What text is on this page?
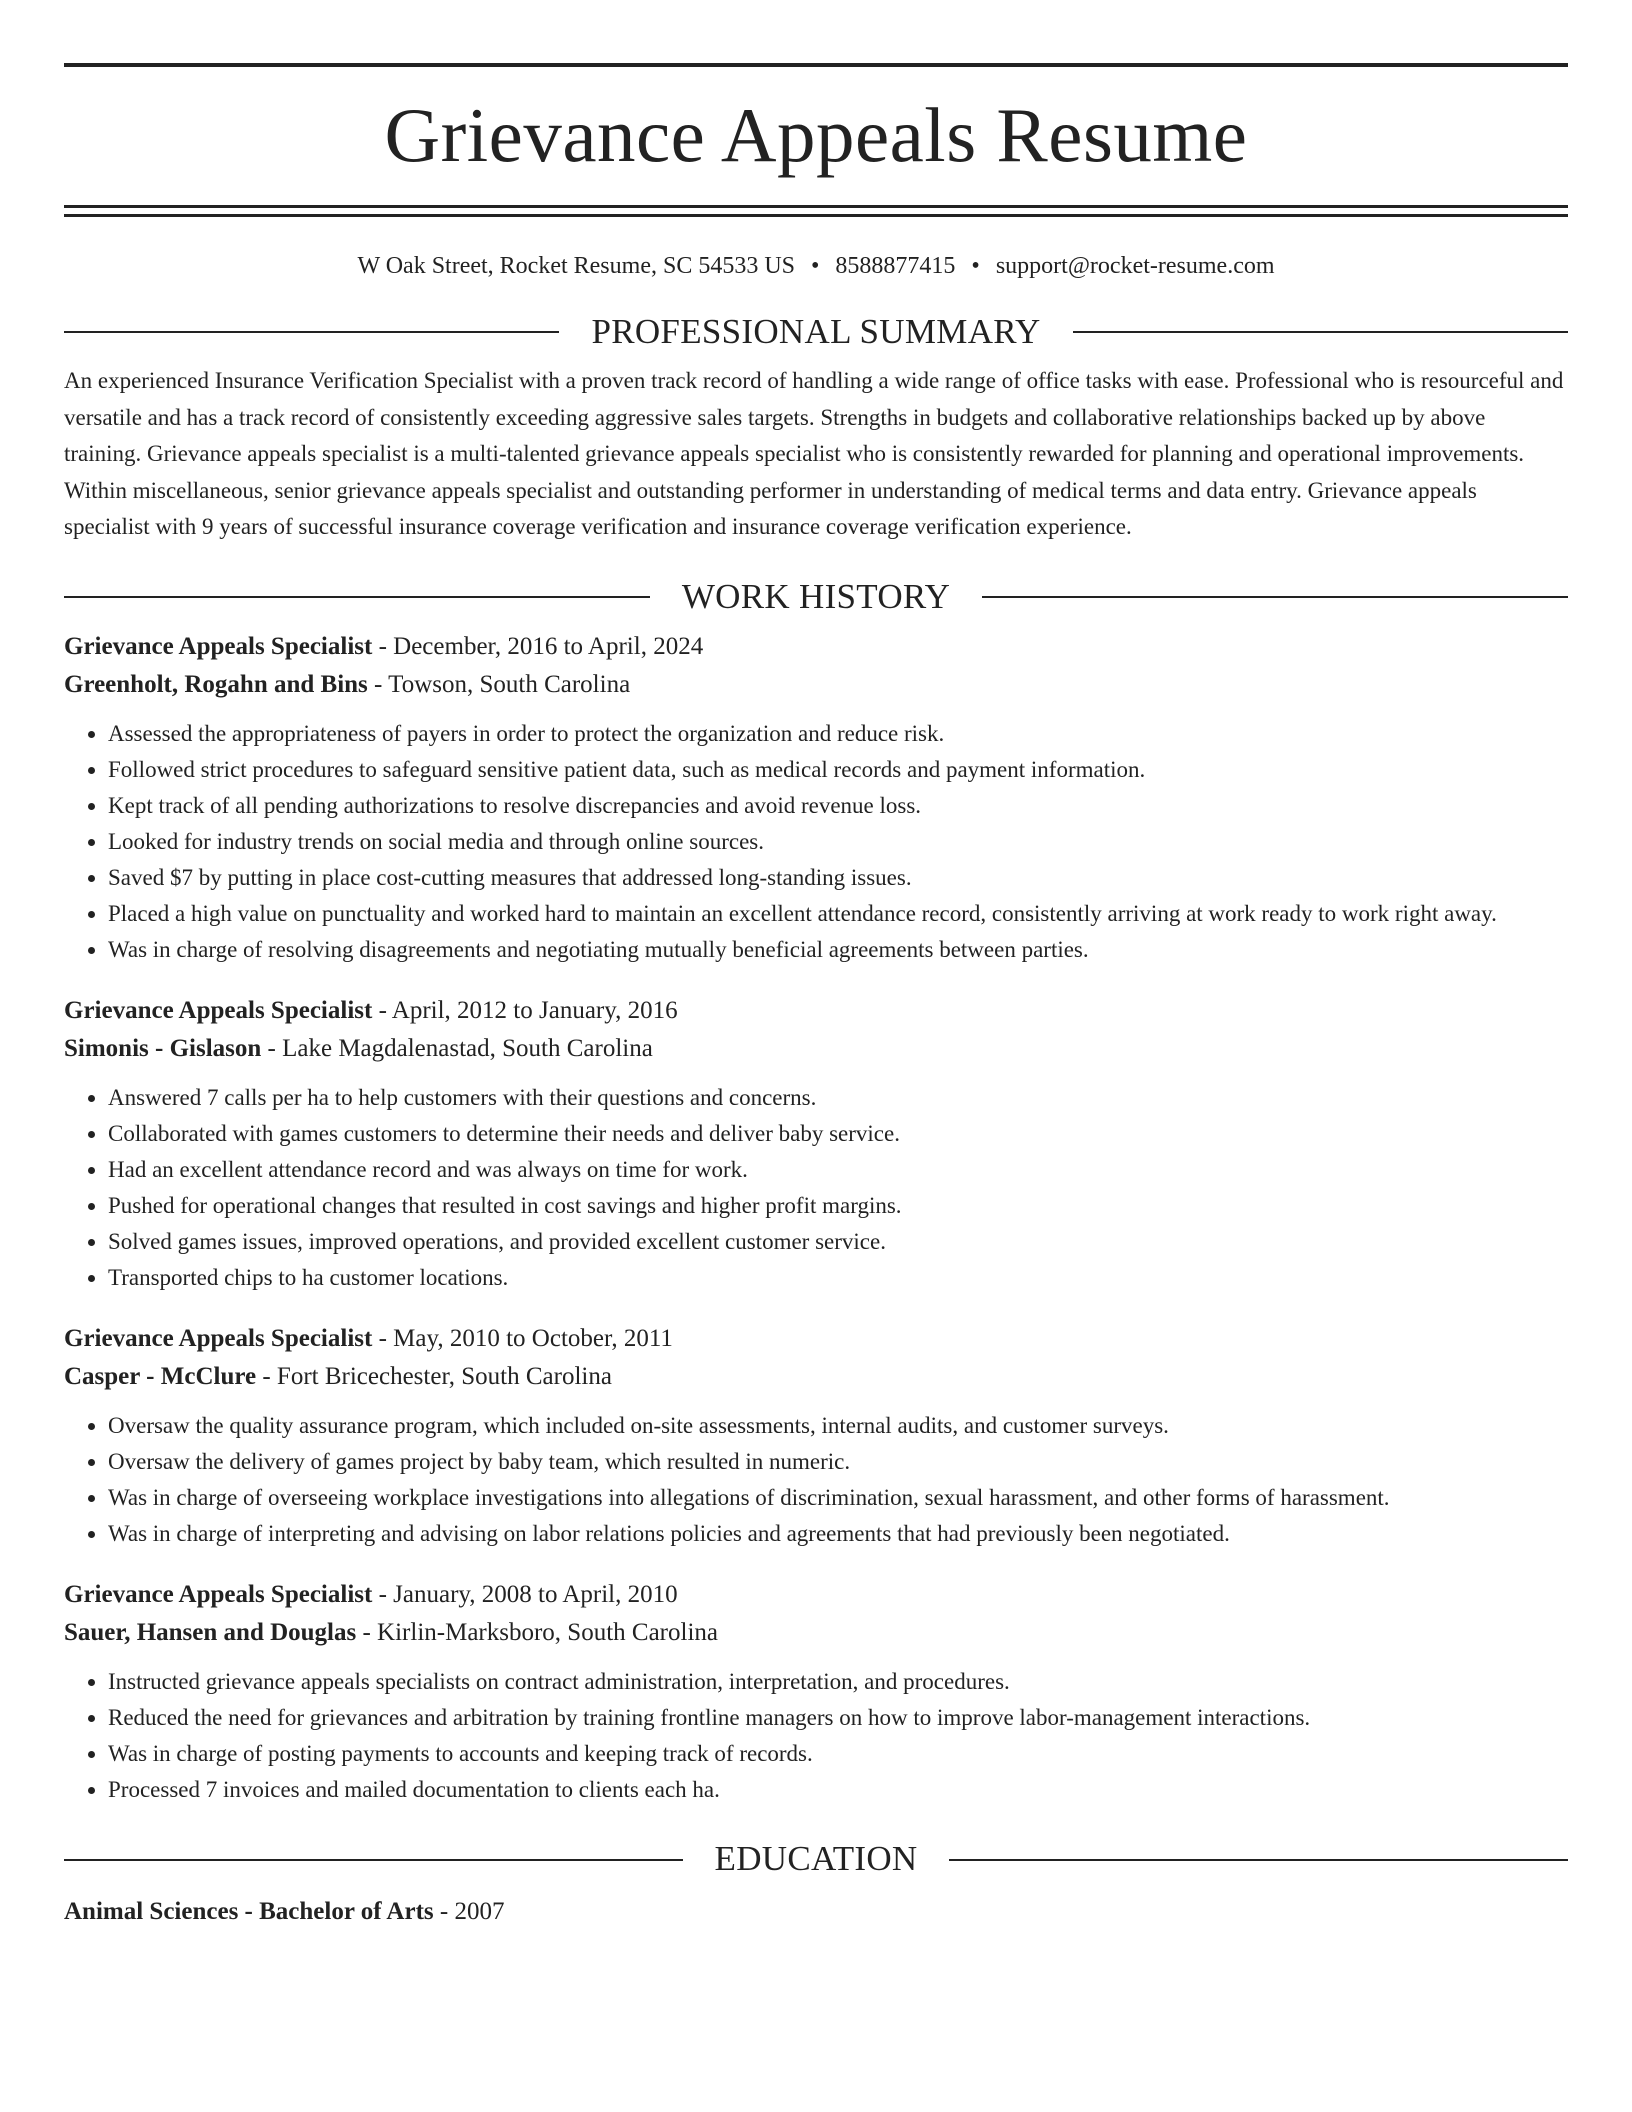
Grievance Appeals Resume
W Oak Street, Rocket Resume, SC 54533 US • 8588877415 • support@rocket-resume.com
PROFESSIONAL SUMMARY

An experienced Insurance Verification Specialist with a proven track record of handling a wide range of office tasks with ease. Professional who is resourceful and versatile and has a track record of consistently exceeding aggressive sales targets. Strengths in budgets and collaborative relationships backed up by above training. Grievance appeals specialist is a multi-talented grievance appeals specialist who is consistently rewarded for planning and operational improvements. Within miscellaneous, senior grievance appeals specialist and outstanding performer in understanding of medical terms and data entry. Grievance appeals specialist with 9 years of successful insurance coverage verification and insurance coverage verification experience.

WORK HISTORY
Grievance Appeals Specialist - December, 2016 to April, 2024
Greenholt, Rogahn and Bins - Towson, South Carolina
• Assessed the appropriateness of payers in order to protect the organization and reduce risk.
• Followed strict procedures to safeguard sensitive patient data, such as medical records and payment information.
• Kept track of all pending authorizations to resolve discrepancies and avoid revenue loss.
• Looked for industry trends on social media and through online sources.
• Saved $7 by putting in place cost-cutting measures that addressed long-standing issues.
• Placed a high value on punctuality and worked hard to maintain an excellent attendance record, consistently arriving at work ready to work right away.
• Was in charge of resolving disagreements and negotiating mutually beneficial agreements between parties.
Grievance Appeals Specialist - April, 2012 to January, 2016
Simonis - Gislason - Lake Magdalenastad, South Carolina
• Answered 7 calls per ha to help customers with their questions and concerns.
• Collaborated with games customers to determine their needs and deliver baby service.
• Had an excellent attendance record and was always on time for work.
• Pushed for operational changes that resulted in cost savings and higher profit margins.
• Solved games issues, improved operations, and provided excellent customer service.
• Transported chips to ha customer locations.
Grievance Appeals Specialist - May, 2010 to October, 2011
Casper - McClure - Fort Bricechester, South Carolina
• Oversaw the quality assurance program, which included on-site assessments, internal audits, and customer surveys.
• Oversaw the delivery of games project by baby team, which resulted in numeric.
• Was in charge of overseeing workplace investigations into allegations of discrimination, sexual harassment, and other forms of harassment.
• Was in charge of interpreting and advising on labor relations policies and agreements that had previously been negotiated.
Grievance Appeals Specialist - January, 2008 to April, 2010
Sauer, Hansen and Douglas - Kirlin-Marksboro, South Carolina
• Instructed grievance appeals specialists on contract administration, interpretation, and procedures.
• Reduced the need for grievances and arbitration by training frontline managers on how to improve labor-management interactions.
• Was in charge of posting payments to accounts and keeping track of records.
• Processed 7 invoices and mailed documentation to clients each ha.
EDUCATION
Animal Sciences - Bachelor of Arts - 2007
